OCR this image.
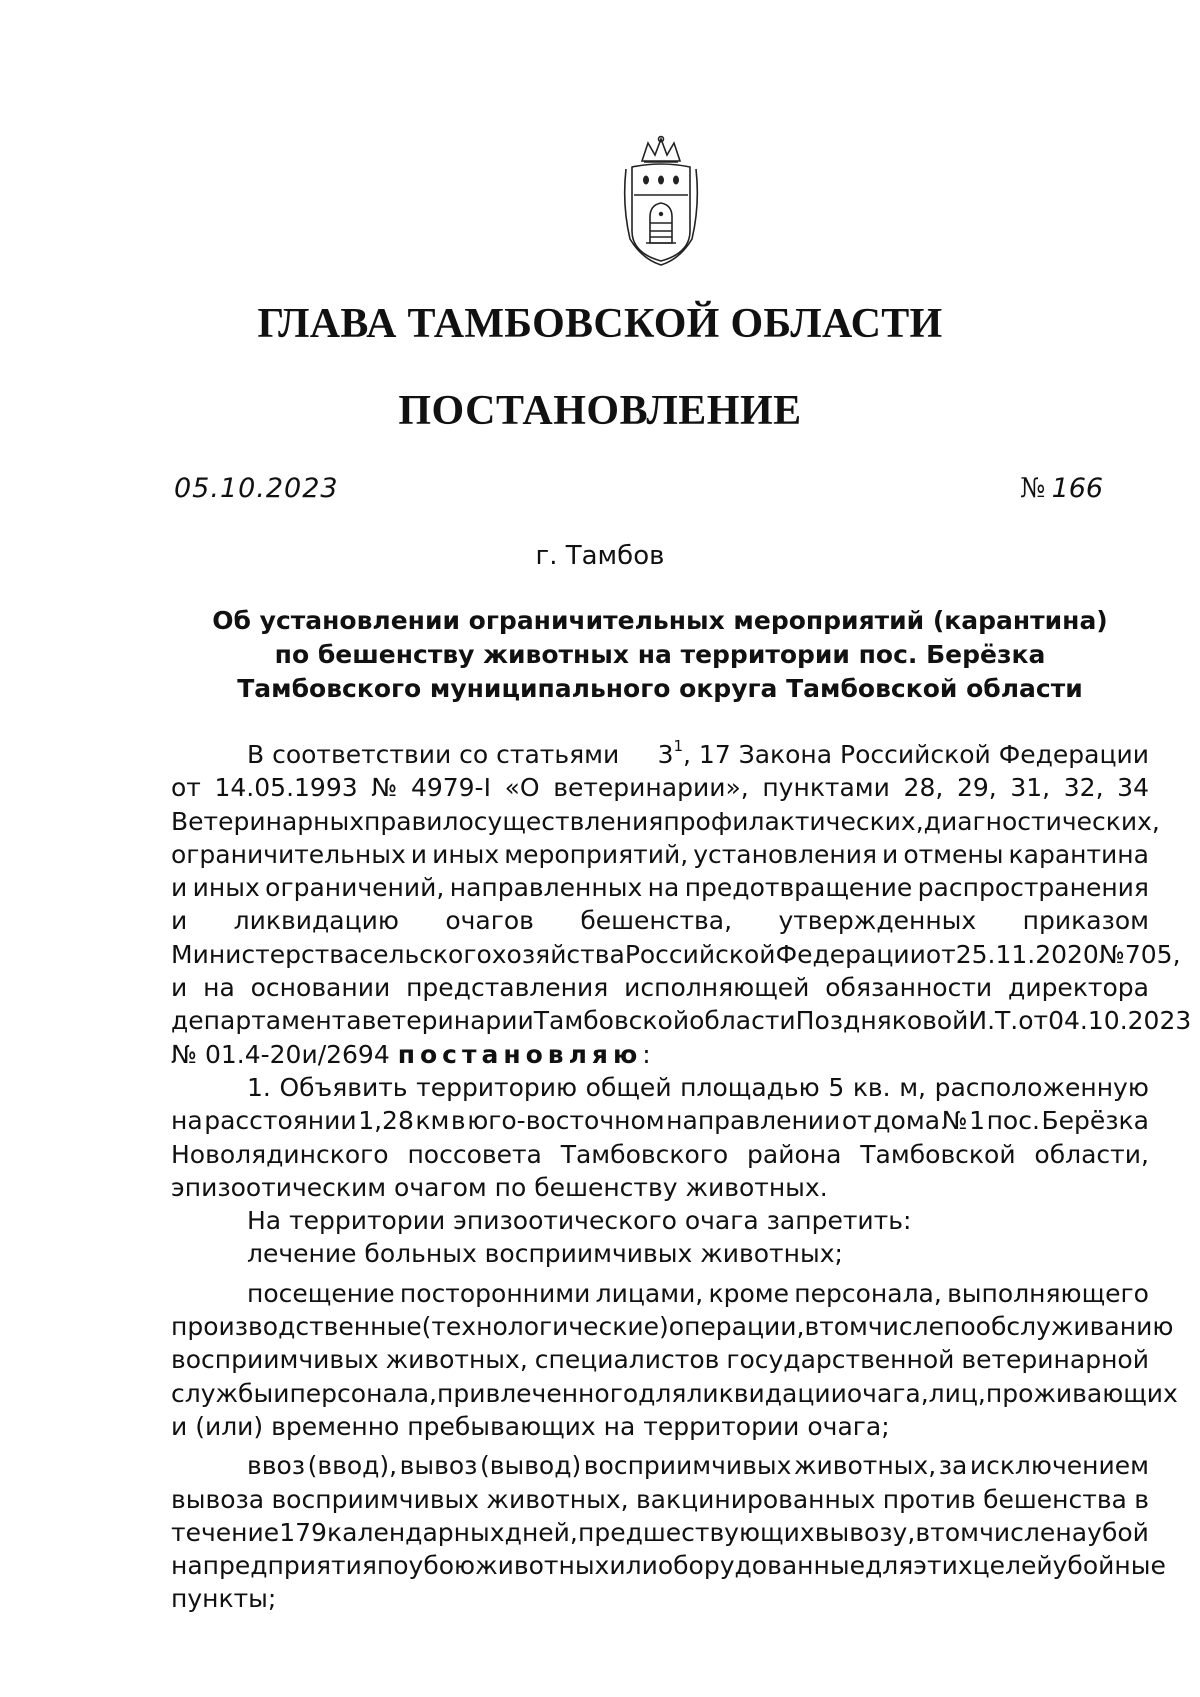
ГЛАВА ТАМБОВСКОЙ ОБЛАСТИ
ПОСТАНОВЛЕНИЕ
05.10.2023	№ 166
г. Тамбов
Об установлении ограничительных мероприятий (карантина)
по бешенству животных на территории пос. Берёзка
Тамбовского муниципального округа Тамбовской области
В соответствии со статьями $3^1$, 17 Закона Российской Федерации
от 14.05.1993 № 4979-I «О ветеринарии», пунктами 28, 29, 31, 32, 34
Ветеринарных правил осуществления профилактических, диагностических,
ограничительных и иных мероприятий, установления и отмены карантина
и иных ограничений, направленных на предотвращение распространения
и ликвидацию очагов бешенства, утвержденных приказом
Министерства сельского хозяйства Российской Федерации от 25.11.2020 № 705,
и на основании представления исполняющей обязанности директора
департамента ветеринарии Тамбовской области Поздняковой И.Т. от 04.10.2023
№ 01.4-20и/2694
постановляю :
1. Объявить территорию общей площадью 5 кв. м, расположенную
на расстоянии 1,28 км в юго-восточном направлении от дома № 1 пос. Берёзка
Новолядинского поссовета Тамбовского района Тамбовской области,
эпизоотическим очагом по бешенству животных.
На территории эпизоотического очага запретить:
лечение больных восприимчивых животных;
посещение посторонними лицами, кроме персонала, выполняющего
производственные (технологические) операции, в том числе по обслуживанию
восприимчивых животных, специалистов государственной ветеринарной
службы и персонала, привлеченного для ликвидации очага, лиц, проживающих
и (или) временно пребывающих на территории очага;
ввоз (ввод), вывоз (вывод) восприимчивых животных, за исключением
вывоза восприимчивых животных, вакцинированных против бешенства в
течение 179 календарных дней, предшествующих вывозу, в том числе на убой
на предприятия по убою животных или оборудованные для этих целей убойные
пункты;
